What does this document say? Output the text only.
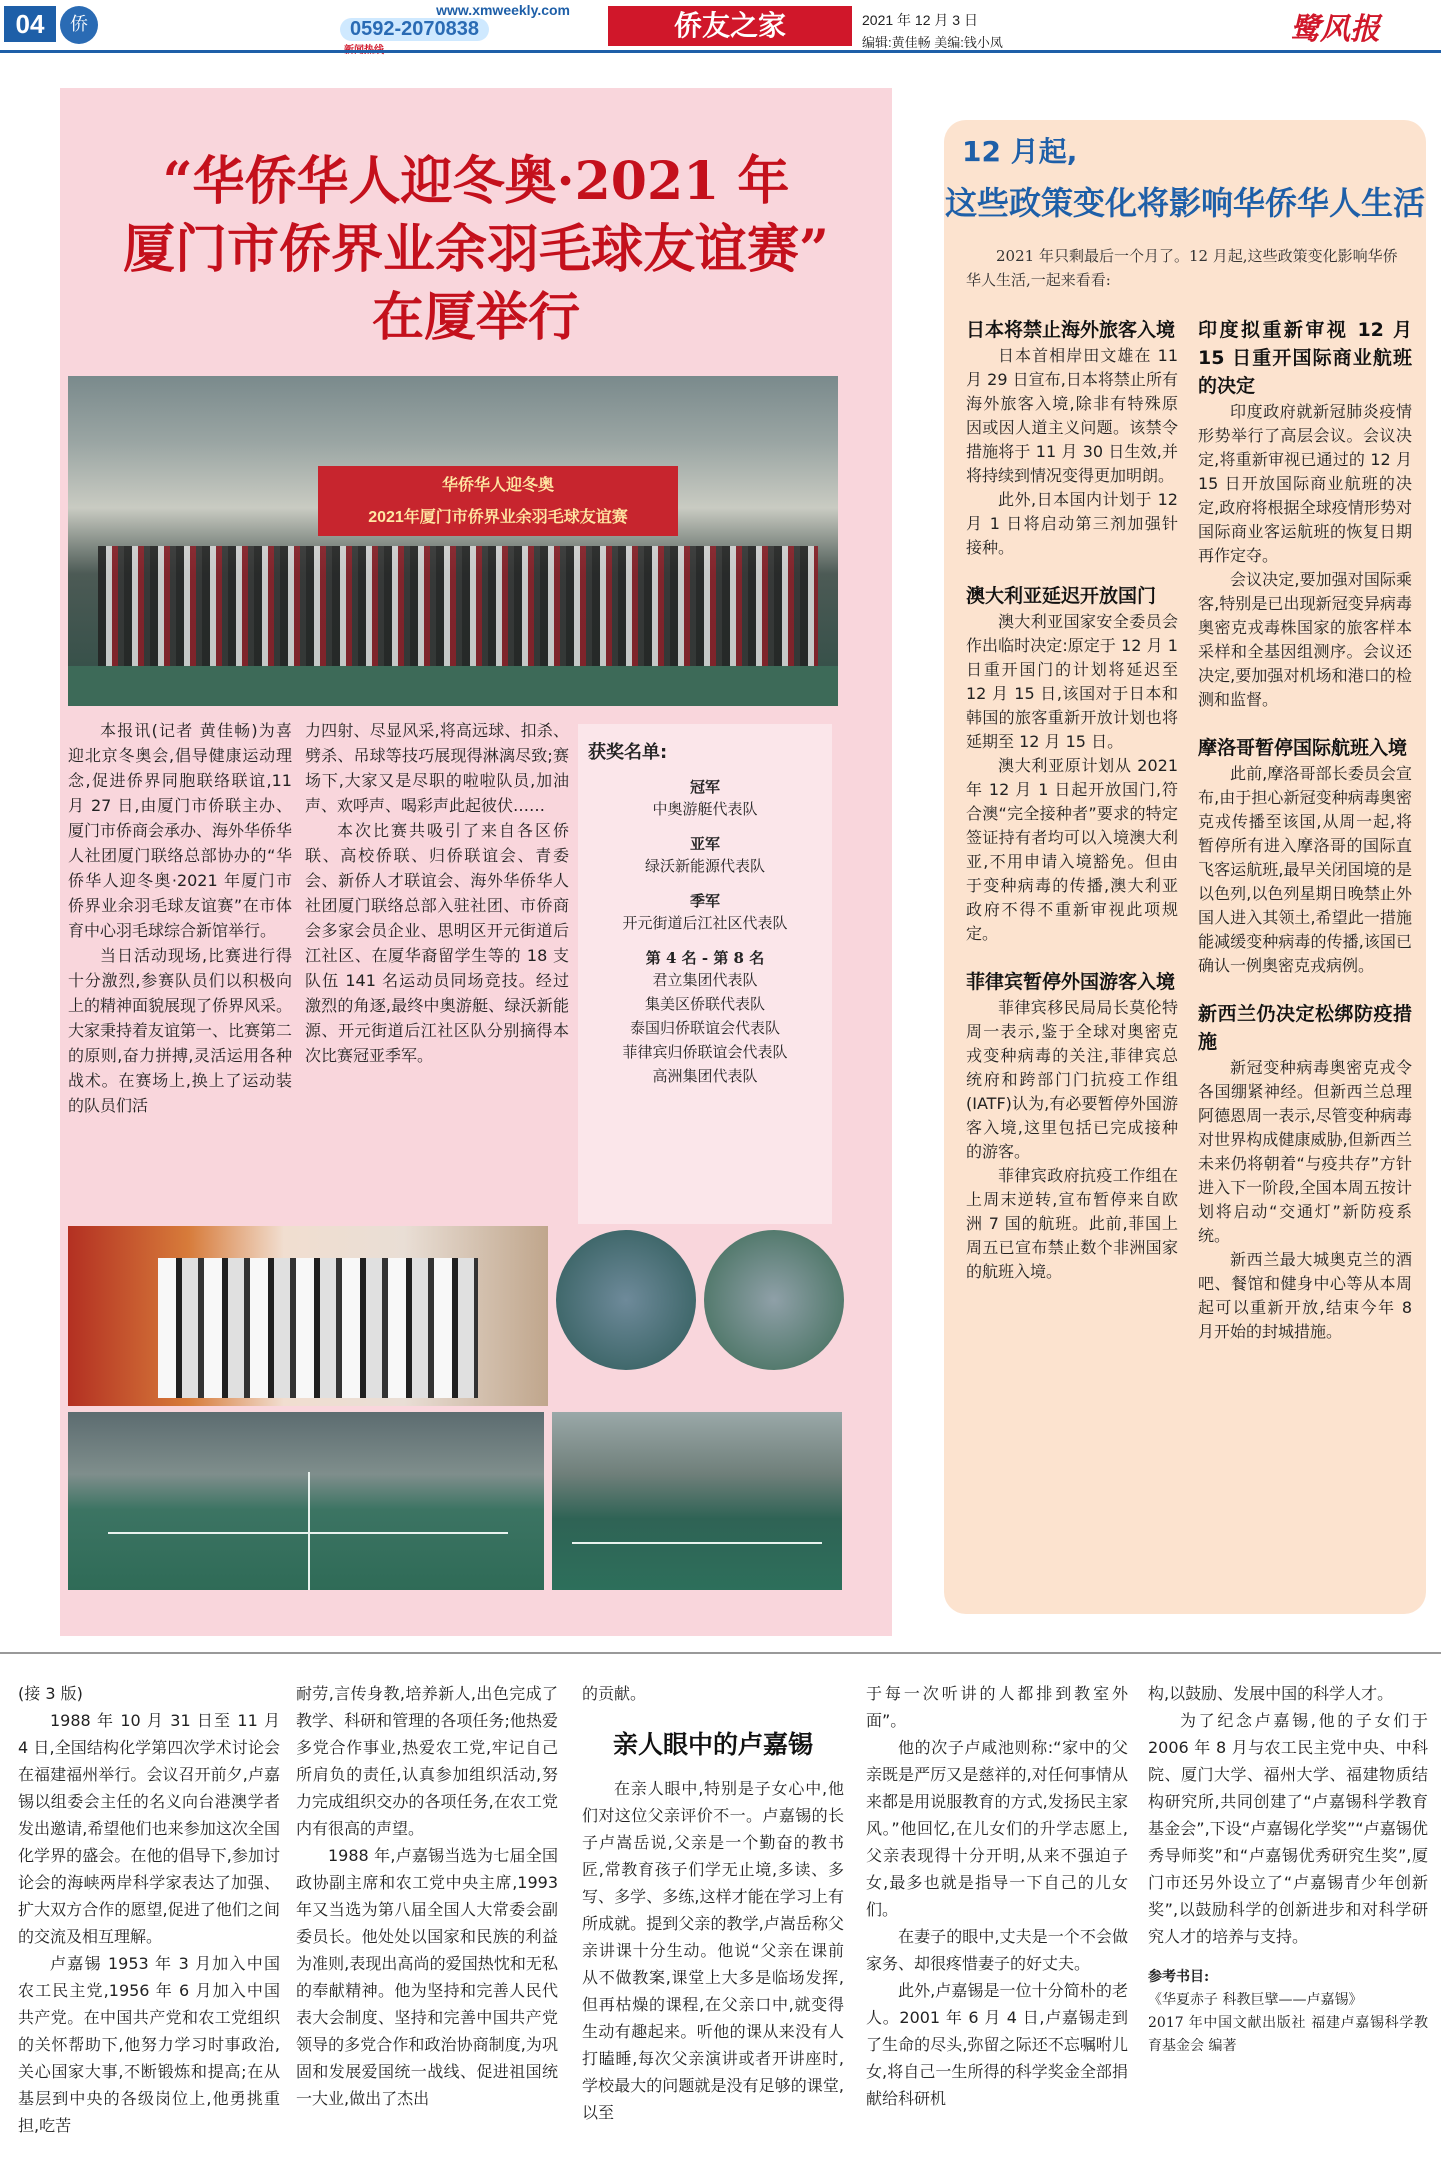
04	侨
www.xmweekly.com
0592-2070838	侨友之家	2021 年 12 月 3 日
编辑:黄佳畅 美编:钱小凤	鹭风报
“华侨华人迎冬奥·2021 年
厦门市侨界业余羽毛球友谊赛”
在厦举行
华侨华人迎冬奥
2021年厦门市侨界业余羽毛球友谊赛

本报讯(记者 黄佳畅)为喜迎北京冬奥会,倡导健康运动理念,促进侨界同胞联络联谊,11 月 27 日,由厦门市侨联主办、厦门市侨商会承办、海外华侨华人社团厦门联络总部协办的“华侨华人迎冬奥·2021 年厦门市侨界业余羽毛球友谊赛”在市体育中心羽毛球综合新馆举行。

当日活动现场,比赛进行得十分激烈,参赛队员们以积极向上的精神面貌展现了侨界风采。大家秉持着友谊第一、比赛第二的原则,奋力拼搏,灵活运用各种战术。在赛场上,换上了运动装的队员们活

力四射、尽显风采,将高远球、扣杀、劈杀、吊球等技巧展现得淋漓尽致;赛场下,大家又是尽职的啦啦队员,加油声、欢呼声、喝彩声此起彼伏……

本次比赛共吸引了来自各区侨联、高校侨联、归侨联谊会、青委会、新侨人才联谊会、海外华侨华人社团厦门联络总部入驻社团、市侨商会多家会员企业、思明区开元街道后江社区、在厦华裔留学生等的 18 支队伍 141 名运动员同场竞技。经过激烈的角逐,最终中奥游艇、绿沃新能源、开元街道后江社区队分别摘得本次比赛冠亚季军。

获奖名单:
冠军
中奥游艇代表队
亚军
绿沃新能源代表队
季军
开元街道后江社区代表队
第 4 名 - 第 8 名
君立集团代表队
集美区侨联代表队
泰国归侨联谊会代表队
菲律宾归侨联谊会代表队
高洲集团代表队
12 月起,
这些政策变化将影响华侨华人生活
2021 年只剩最后一个月了。12 月起,这些政策变化影响华侨华人生活,一起来看看:
日本将禁止海外旅客入境

日本首相岸田文雄在 11 月 29 日宣布,日本将禁止所有海外旅客入境,除非有特殊原因或因人道主义问题。该禁令措施将于 11 月 30 日生效,并将持续到情况变得更加明朗。

此外,日本国内计划于 12 月 1 日将启动第三剂加强针接种。

澳大利亚延迟开放国门

澳大利亚国家安全委员会作出临时决定:原定于 12 月 1 日重开国门的计划将延迟至 12 月 15 日,该国对于日本和韩国的旅客重新开放计划也将延期至 12 月 15 日。

澳大利亚原计划从 2021 年 12 月 1 日起开放国门,符合澳“完全接种者”要求的特定签证持有者均可以入境澳大利亚,不用申请入境豁免。但由于变种病毒的传播,澳大利亚政府不得不重新审视此项规定。

菲律宾暂停外国游客入境

菲律宾移民局局长莫伦特周一表示,鉴于全球对奥密克戎变种病毒的关注,菲律宾总统府和跨部门门抗疫工作组(IATF)认为,有必要暂停外国游客入境,这里包括已完成接种的游客。

菲律宾政府抗疫工作组在上周末逆转,宣布暂停来自欧洲 7 国的航班。此前,菲国上周五已宣布禁止数个非洲国家的航班入境。

印度拟重新审视 12 月 15 日重开国际商业航班的决定

印度政府就新冠肺炎疫情形势举行了高层会议。会议决定,将重新审视已通过的 12 月 15 日开放国际商业航班的决定,政府将根据全球疫情形势对国际商业客运航班的恢复日期再作定夺。

会议决定,要加强对国际乘客,特别是已出现新冠变异病毒奥密克戎毒株国家的旅客样本采样和全基因组测序。会议还决定,要加强对机场和港口的检测和监督。

摩洛哥暂停国际航班入境

此前,摩洛哥部长委员会宣布,由于担心新冠变种病毒奥密克戎传播至该国,从周一起,将暂停所有进入摩洛哥的国际直飞客运航班,最早关闭国境的是以色列,以色列星期日晚禁止外国人进入其领土,希望此一措施能减缓变种病毒的传播,该国已确认一例奥密克戎病例。

新西兰仍决定松绑防疫措施

新冠变种病毒奥密克戎令各国绷紧神经。但新西兰总理阿德恩周一表示,尽管变种病毒对世界构成健康威胁,但新西兰未来仍将朝着“与疫共存”方针进入下一阶段,全国本周五按计划将启动“交通灯”新防疫系统。

新西兰最大城奥克兰的酒吧、餐馆和健身中心等从本周起可以重新开放,结束今年 8 月开始的封城措施。

(接 3 版)

1988 年 10 月 31 日至 11 月 4 日,全国结构化学第四次学术讨论会在福建福州举行。会议召开前夕,卢嘉锡以组委会主任的名义向台港澳学者发出邀请,希望他们也来参加这次全国化学界的盛会。在他的倡导下,参加讨论会的海峡两岸科学家表达了加强、扩大双方合作的愿望,促进了他们之间的交流及相互理解。

卢嘉锡 1953 年 3 月加入中国农工民主党,1956 年 6 月加入中国共产党。在中国共产党和农工党组织的关怀帮助下,他努力学习时事政治,关心国家大事,不断锻炼和提高;在从基层到中央的各级岗位上,他勇挑重担,吃苦

耐劳,言传身教,培养新人,出色完成了教学、科研和管理的各项任务;他热爱多党合作事业,热爱农工党,牢记自己所肩负的责任,认真参加组织活动,努力完成组织交办的各项任务,在农工党内有很高的声望。

1988 年,卢嘉锡当选为七届全国政协副主席和农工党中央主席,1993 年又当选为第八届全国人大常委会副委员长。他处处以国家和民族的利益为准则,表现出高尚的爱国热忱和无私的奉献精神。他为坚持和完善人民代表大会制度、坚持和完善中国共产党领导的多党合作和政治协商制度,为巩固和发展爱国统一战线、促进祖国统一大业,做出了杰出

的贡献。

亲人眼中的卢嘉锡

在亲人眼中,特别是子女心中,他们对这位父亲评价不一。卢嘉锡的长子卢嵩岳说,父亲是一个勤奋的教书匠,常教育孩子们学无止境,多读、多写、多学、多练,这样才能在学习上有所成就。提到父亲的教学,卢嵩岳称父亲讲课十分生动。他说“父亲在课前从不做教案,课堂上大多是临场发挥,但再枯燥的课程,在父亲口中,就变得生动有趣起来。听他的课从来没有人打瞌睡,每次父亲演讲或者开讲座时,学校最大的问题就是没有足够的课堂,以至

于每一次听讲的人都排到教室外面”。

他的次子卢咸池则称:“家中的父亲既是严厉又是慈祥的,对任何事情从来都是用说服教育的方式,发扬民主家风。”他回忆,在儿女们的升学志愿上,父亲表现得十分开明,从来不强迫子女,最多也就是指导一下自己的儿女们。

在妻子的眼中,丈夫是一个不会做家务、却很疼惜妻子的好丈夫。

此外,卢嘉锡是一位十分简朴的老人。2001 年 6 月 4 日,卢嘉锡走到了生命的尽头,弥留之际还不忘嘱咐儿女,将自己一生所得的科学奖金全部捐献给科研机

构,以鼓励、发展中国的科学人才。

为了纪念卢嘉锡,他的子女们于 2006 年 8 月与农工民主党中央、中科院、厦门大学、福州大学、福建物质结构研究所,共同创建了“卢嘉锡科学教育基金会”,下设“卢嘉锡化学奖”“卢嘉锡优秀导师奖”和“卢嘉锡优秀研究生奖”,厦门市还另外设立了“卢嘉锡青少年创新奖”,以鼓励科学的创新进步和对科学研究人才的培养与支持。

参考书目:
《华夏赤子 科教巨擘——卢嘉锡》
2017 年中国文献出版社 福建卢嘉锡科学教育基金会 编著
